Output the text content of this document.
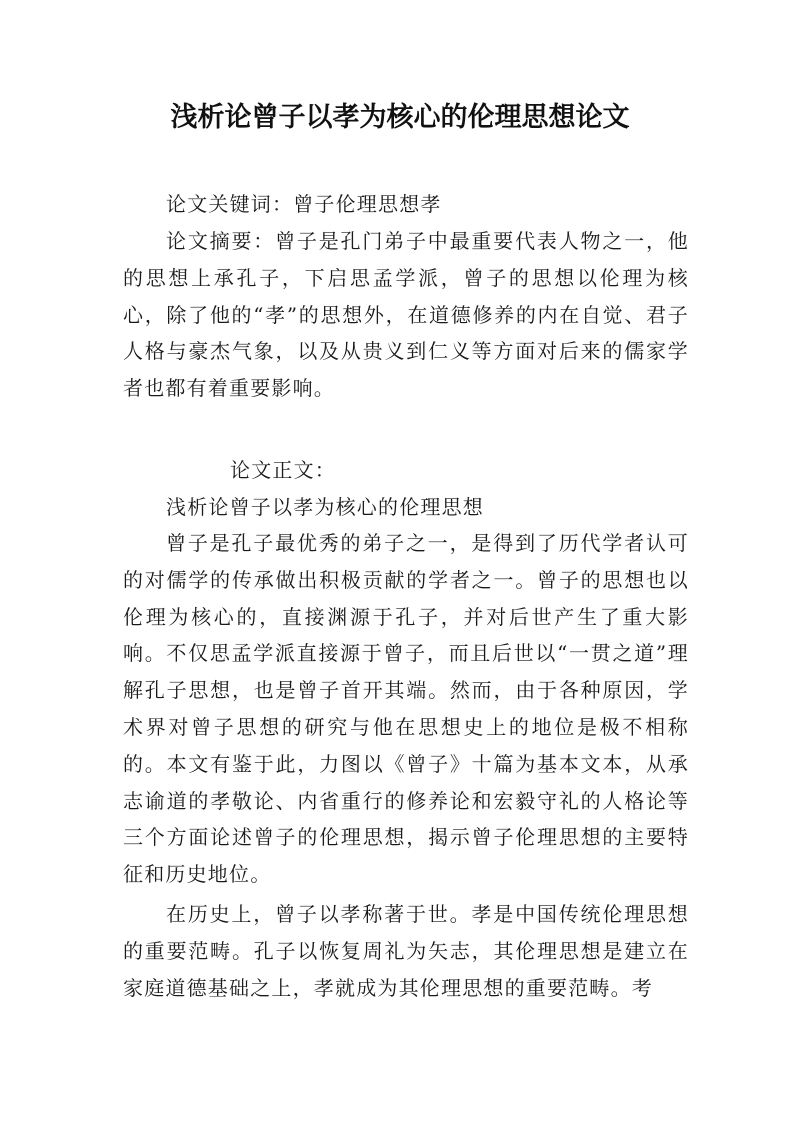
浅析论曾子以孝为核心的伦理思想论文

论文关键词：曾子伦理思想孝

论文摘要：曾子是孔门弟子中最重要代表人物之一，他的思想上承孔子，下启思孟学派，曾子的思想以伦理为核心，除了他的“孝”的思想外，在道德修养的内在自觉、君子人格与豪杰气象，以及从贵义到仁义等方面对后来的儒家学者也都有着重要影响。

论文正文：

浅析论曾子以孝为核心的伦理思想

曾子是孔子最优秀的弟子之一，是得到了历代学者认可的对儒学的传承做出积极贡献的学者之一。曾子的思想也以伦理为核心的，直接渊源于孔子，并对后世产生了重大影响。不仅思孟学派直接源于曾子，而且后世以“一贯之道”理解孔子思想，也是曾子首开其端。然而，由于各种原因，学术界对曾子思想的研究与他在思想史上的地位是极不相称的。本文有鉴于此，力图以《曾子》十篇为基本文本，从承志谕道的孝敬论、内省重行的修养论和宏毅守礼的人格论等三个方面论述曾子的伦理思想，揭示曾子伦理思想的主要特征和历史地位。

在历史上，曾子以孝称著于世。孝是中国传统伦理思想的重要范畴。孔子以恢复周礼为矢志，其伦理思想是建立在家庭道德基础之上，孝就成为其伦理思想的重要范畴。考
